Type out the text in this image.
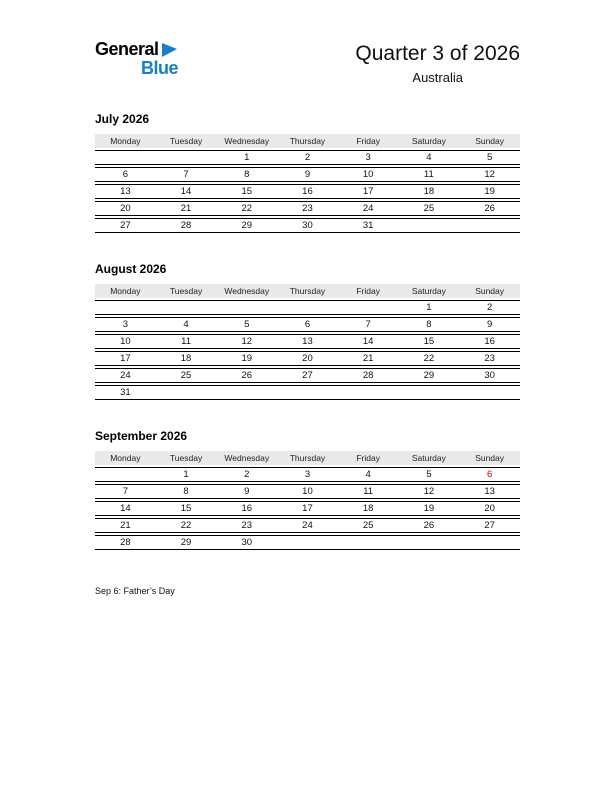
General
Blue
Quarter 3 of 2026
Australia
July 2026
Monday	Tuesday	Wednesday	Thursday	Friday	Saturday	Sunday
		1	2	3	4	5
6	7	8	9	10	11	12
13	14	15	16	17	18	19
20	21	22	23	24	25	26
27	28	29	30	31		
August 2026
Monday	Tuesday	Wednesday	Thursday	Friday	Saturday	Sunday
					1	2
3	4	5	6	7	8	9
10	11	12	13	14	15	16
17	18	19	20	21	22	23
24	25	26	27	28	29	30
31						
September 2026
Monday	Tuesday	Wednesday	Thursday	Friday	Saturday	Sunday
	1	2	3	4	5	6
7	8	9	10	11	12	13
14	15	16	17	18	19	20
21	22	23	24	25	26	27
28	29	30				
Sep 6: Father’s Day
